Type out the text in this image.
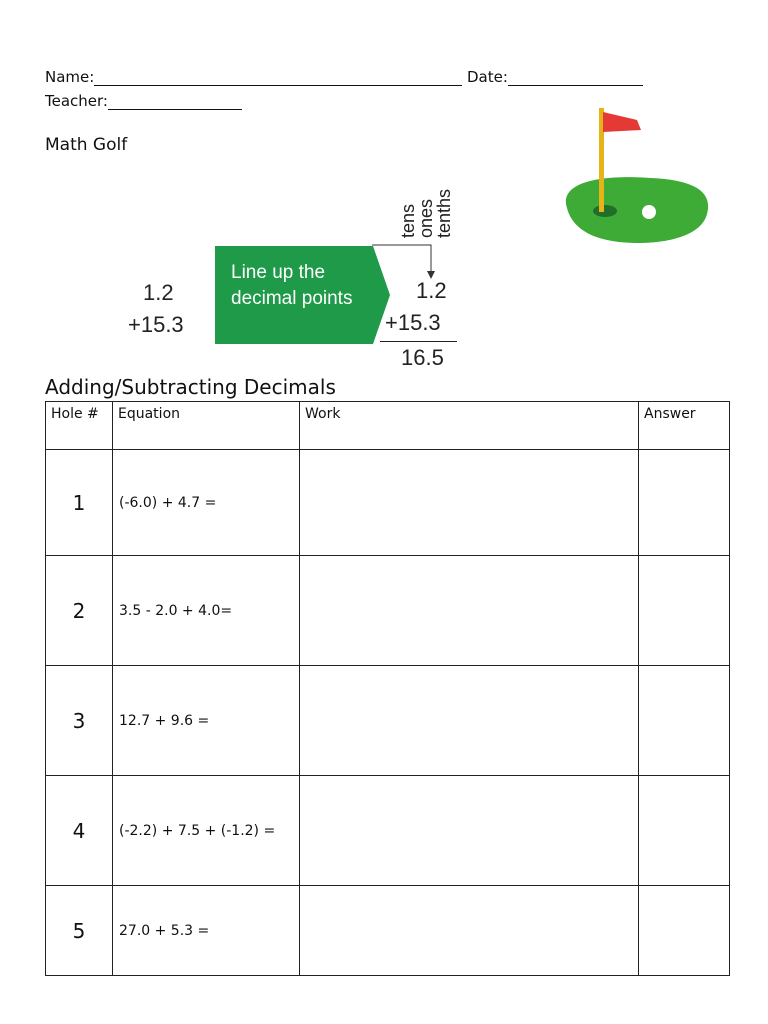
Name:	Date:
Teacher:
Math Golf
1.2
+15.3
Line up the
decimal points
tens
ones
tenths
1.2
+15.3
16.5
Adding/Subtracting Decimals
Hole #	Equation	Work	Answer
1	(-6.0) + 4.7 =		
2	3.5 - 2.0 + 4.0=		
3	12.7 + 9.6 =		
4	(-2.2) + 7.5 + (-1.2) =		
5	27.0 + 5.3 =		
